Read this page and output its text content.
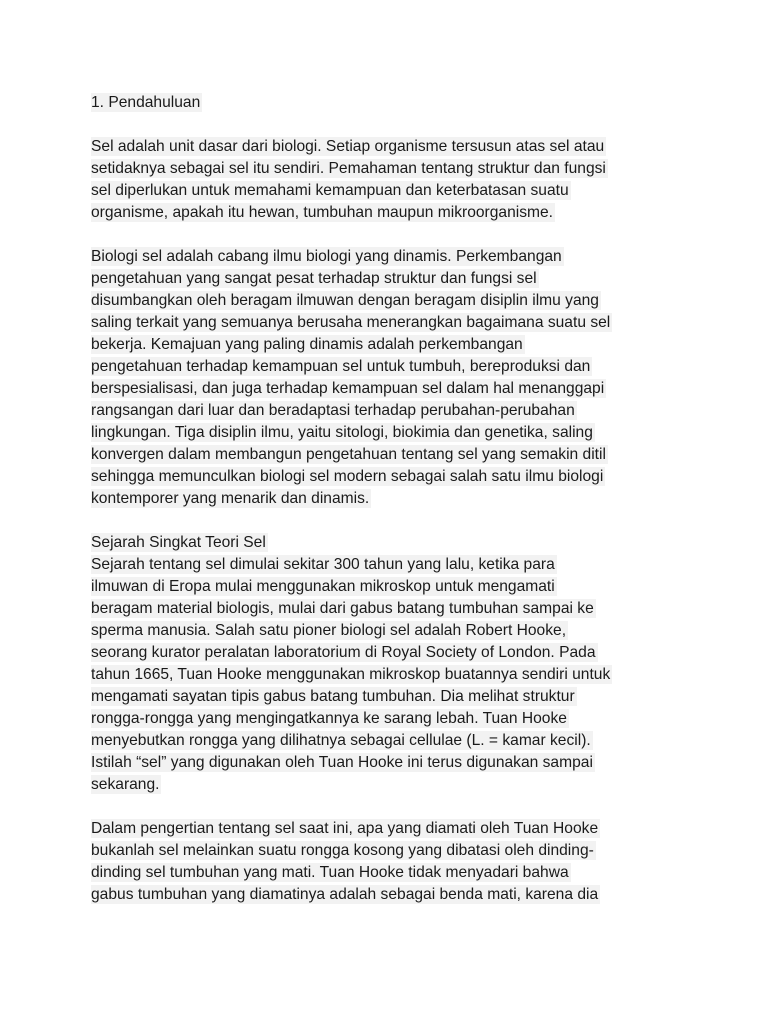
1. Pendahuluan
Sel adalah unit dasar dari biologi. Setiap organisme tersusun atas sel atau
setidaknya sebagai sel itu sendiri. Pemahaman tentang struktur dan fungsi
sel diperlukan untuk memahami kemampuan dan keterbatasan suatu
organisme, apakah itu hewan, tumbuhan maupun mikroorganisme.
Biologi sel adalah cabang ilmu biologi yang dinamis. Perkembangan
pengetahuan yang sangat pesat terhadap struktur dan fungsi sel
disumbangkan oleh beragam ilmuwan dengan beragam disiplin ilmu yang
saling terkait yang semuanya berusaha menerangkan bagaimana suatu sel
bekerja. Kemajuan yang paling dinamis adalah perkembangan
pengetahuan terhadap kemampuan sel untuk tumbuh, bereproduksi dan
berspesialisasi, dan juga terhadap kemampuan sel dalam hal menanggapi
rangsangan dari luar dan beradaptasi terhadap perubahan-perubahan
lingkungan. Tiga disiplin ilmu, yaitu sitologi, biokimia dan genetika, saling
konvergen dalam membangun pengetahuan tentang sel yang semakin ditil
sehingga memunculkan biologi sel modern sebagai salah satu ilmu biologi
kontemporer yang menarik dan dinamis.
Sejarah Singkat Teori Sel
Sejarah tentang sel dimulai sekitar 300 tahun yang lalu, ketika para
ilmuwan di Eropa mulai menggunakan mikroskop untuk mengamati
beragam material biologis, mulai dari gabus batang tumbuhan sampai ke
sperma manusia. Salah satu pioner biologi sel adalah Robert Hooke,
seorang kurator peralatan laboratorium di Royal Society of London. Pada
tahun 1665, Tuan Hooke menggunakan mikroskop buatannya sendiri untuk
mengamati sayatan tipis gabus batang tumbuhan. Dia melihat struktur
rongga-rongga yang mengingatkannya ke sarang lebah. Tuan Hooke
menyebutkan rongga yang dilihatnya sebagai cellulae (L. = kamar kecil).
Istilah “sel” yang digunakan oleh Tuan Hooke ini terus digunakan sampai
sekarang.
Dalam pengertian tentang sel saat ini, apa yang diamati oleh Tuan Hooke
bukanlah sel melainkan suatu rongga kosong yang dibatasi oleh dinding-
dinding sel tumbuhan yang mati. Tuan Hooke tidak menyadari bahwa
gabus tumbuhan yang diamatinya adalah sebagai benda mati, karena dia
